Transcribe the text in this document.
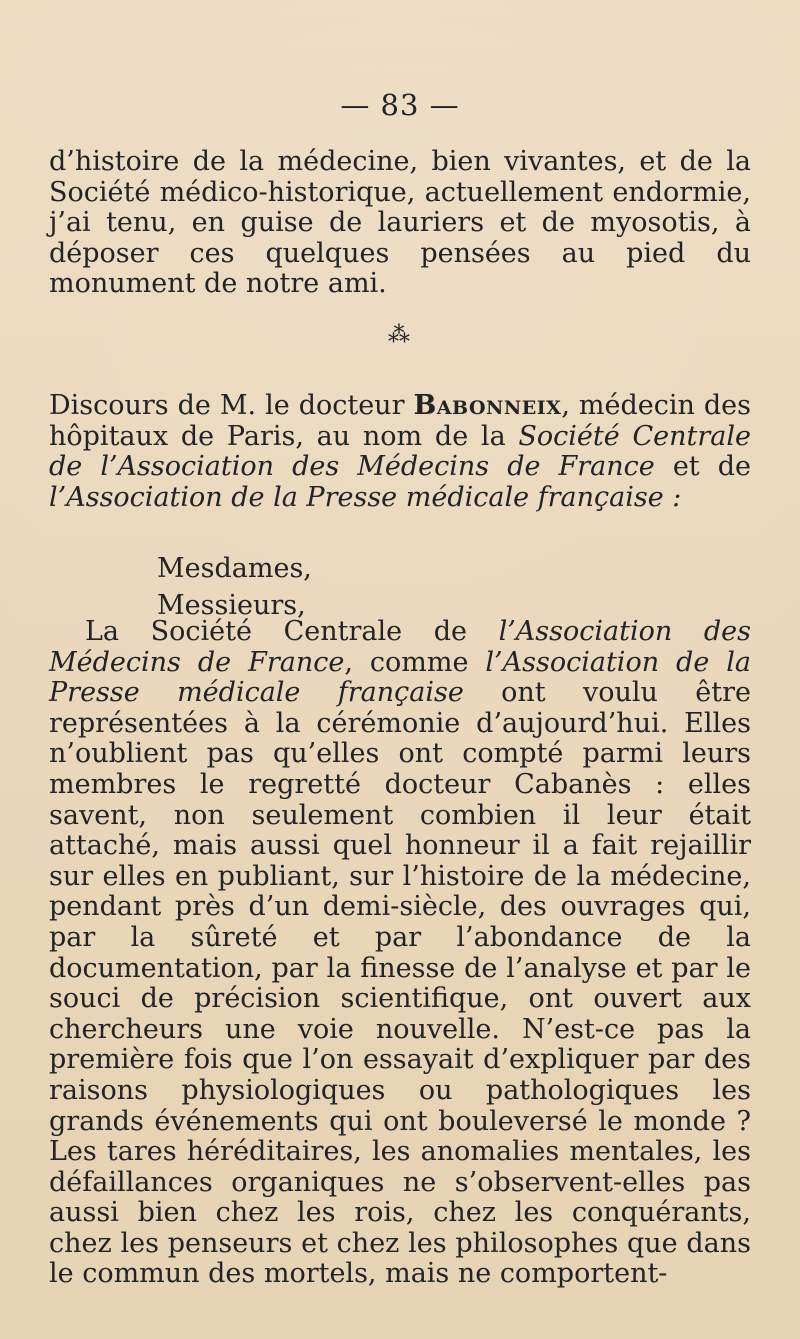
— 83 —
d’histoire de la médecine, bien vivantes, et de la Société médico-historique, actuellement endormie, j’ai tenu, en guise de lauriers et de myosotis, à déposer ces quelques pensées au pied du monument de notre ami.
⁂
Discours de M. le docteur Babonneix, médecin des hôpitaux de Paris, au nom de la Société Centrale de l’Association des Médecins de France et de l’Association de la Presse médicale française :
Mesdames,
Messieurs,
La Société Centrale de l’Association des Médecins de France, comme l’Association de la Presse médicale française ont voulu être représentées à la cérémonie d’aujourd’hui. Elles n’oublient pas qu’elles ont compté parmi leurs membres le regretté docteur Cabanès : elles savent, non seulement combien il leur était attaché, mais aussi quel honneur il a fait rejaillir sur elles en publiant, sur l’histoire de la médecine, pendant près d’un demi-siècle, des ouvrages qui, par la sûreté et par l’abondance de la documentation, par la finesse de l’analyse et par le souci de précision scientifique, ont ouvert aux chercheurs une voie nouvelle. N’est-ce pas la première fois que l’on essayait d’expliquer par des raisons physiologiques ou pathologiques les grands événements qui ont bouleversé le monde ? Les tares héréditaires, les anomalies mentales, les défaillances organiques ne s’observent-elles pas aussi bien chez les rois, chez les conquérants, chez les penseurs et chez les philosophes que dans le commun des mortels, mais ne comportent-
